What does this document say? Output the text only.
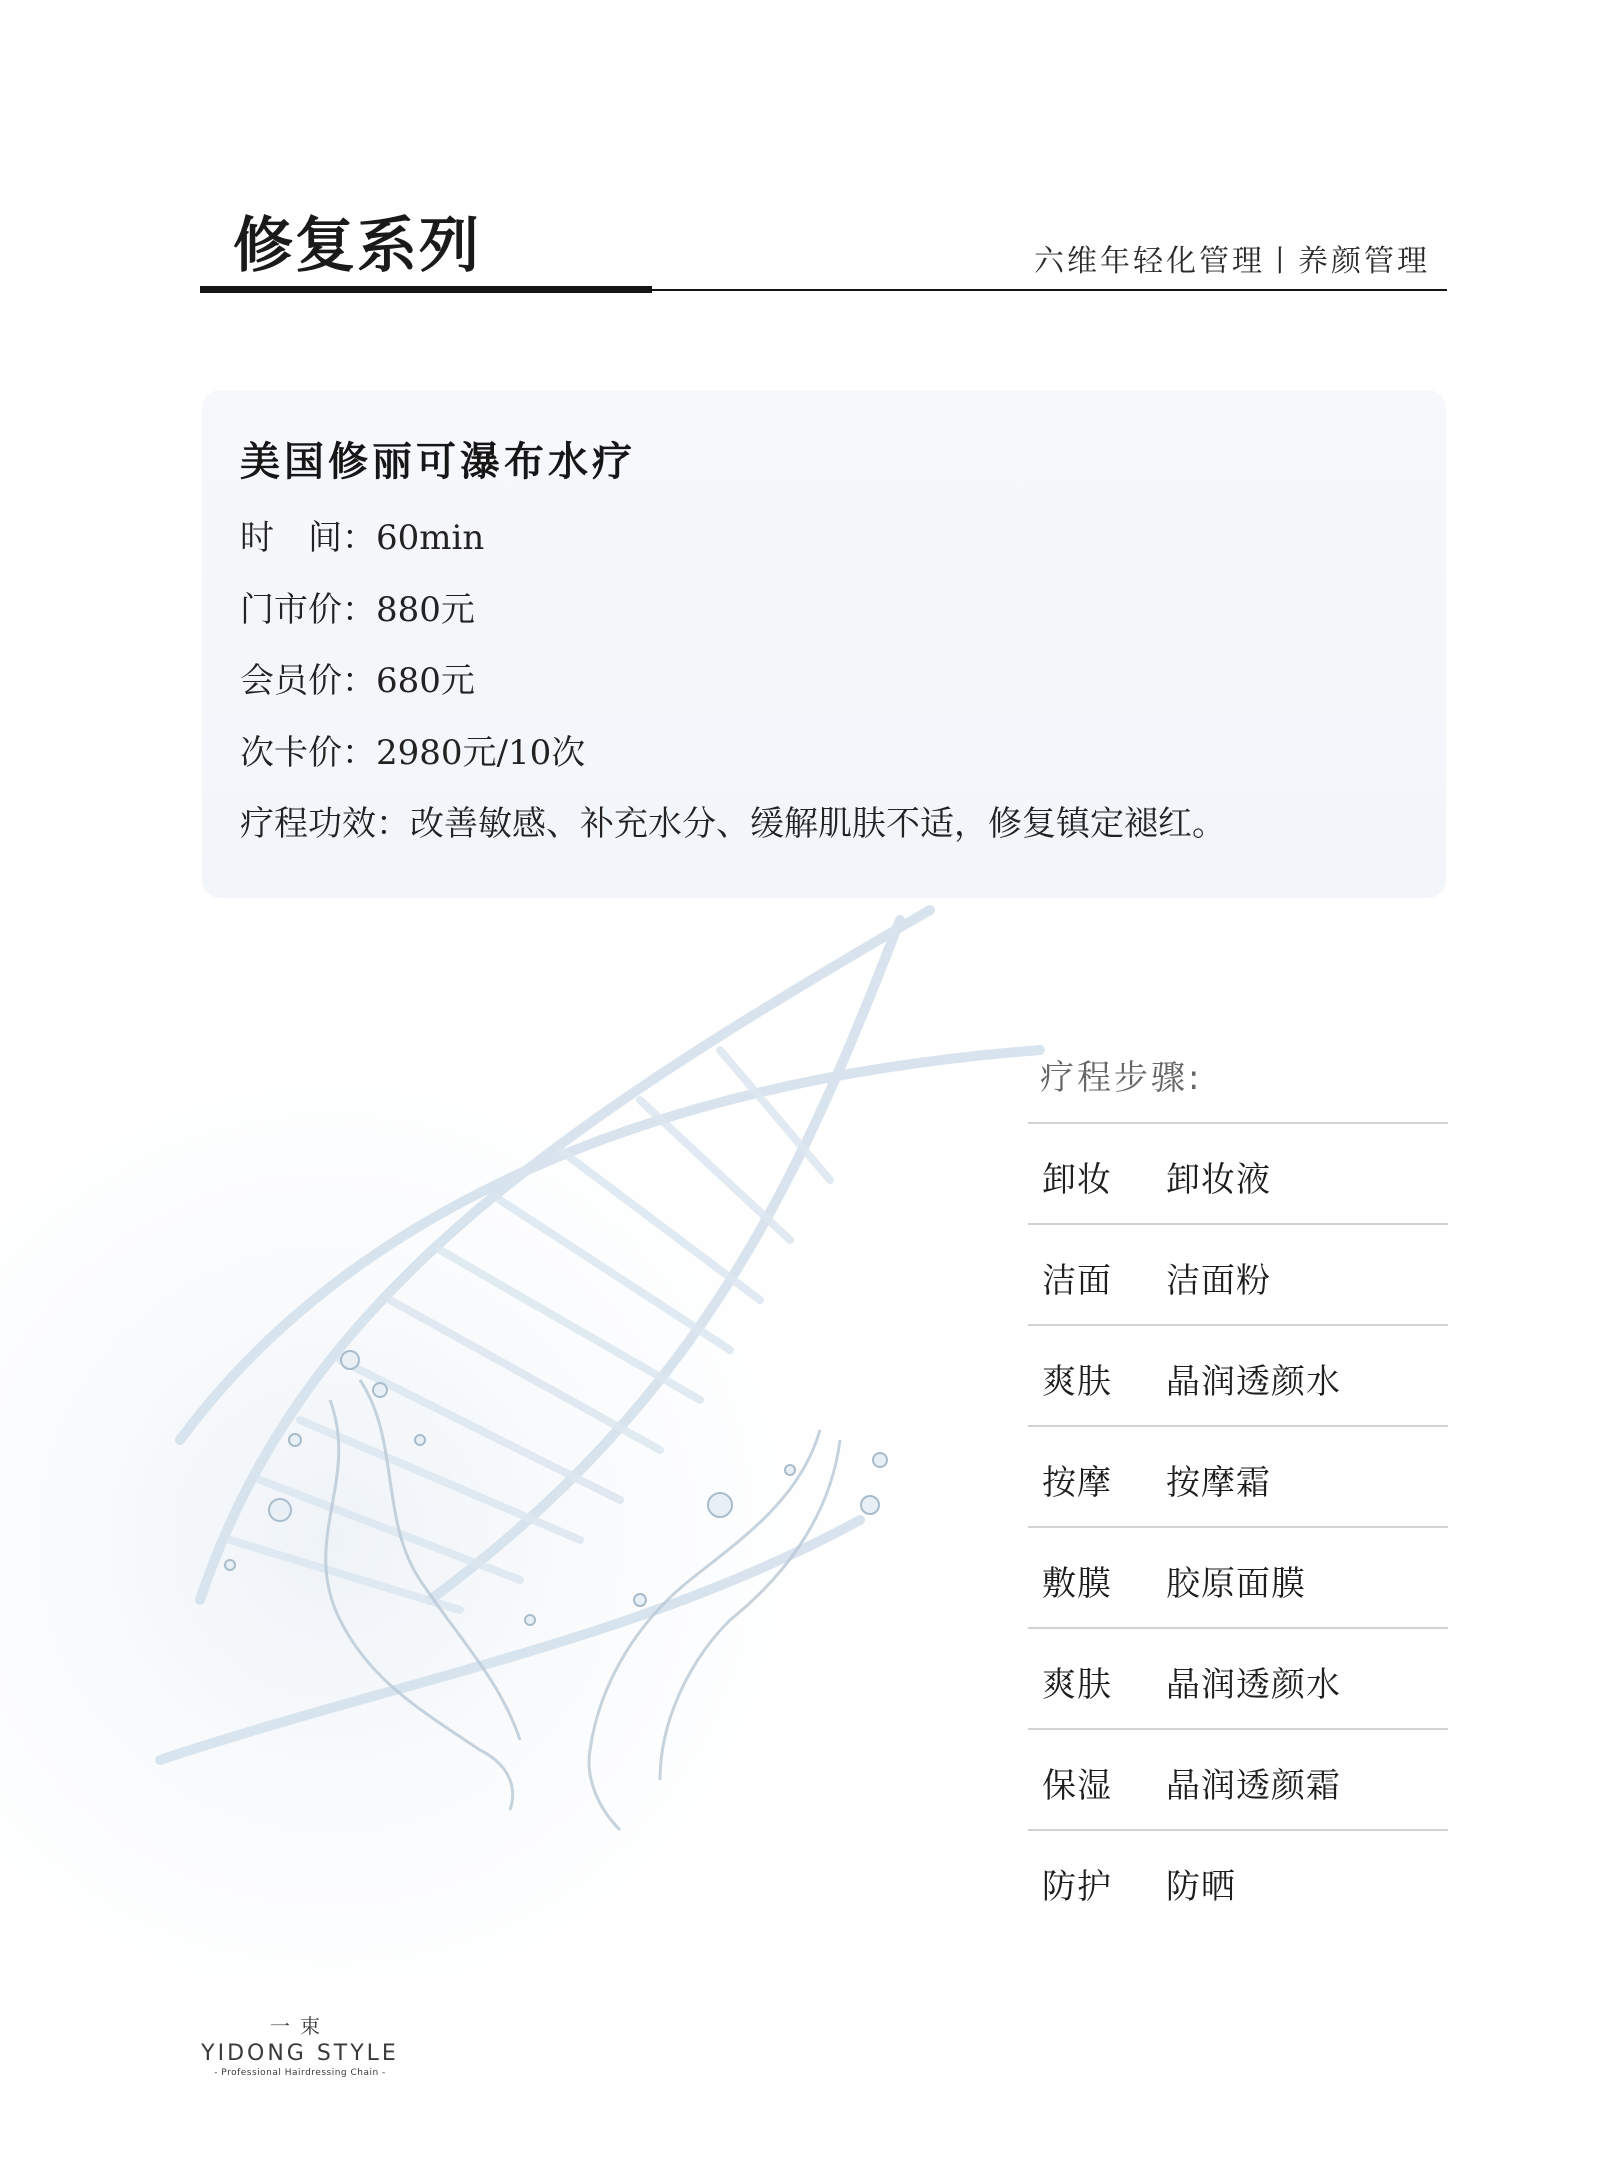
修复系列	六维年轻化管理丨养颜管理
美国修丽可瀑布水疗
时　间：60min
门市价：880元
会员价：680元
次卡价：2980元/10次
疗程功效：改善敏感、补充水分、缓解肌肤不适，修复镇定褪红。
疗程步骤:
卸妆 卸妆液
洁面 洁面粉
爽肤 晶润透颜水
按摩 按摩霜
敷膜 胶原面膜
爽肤 晶润透颜水
保湿 晶润透颜霜
防护 防晒
一束
YIDONG STYLE
- Professional Hairdressing Chain -
